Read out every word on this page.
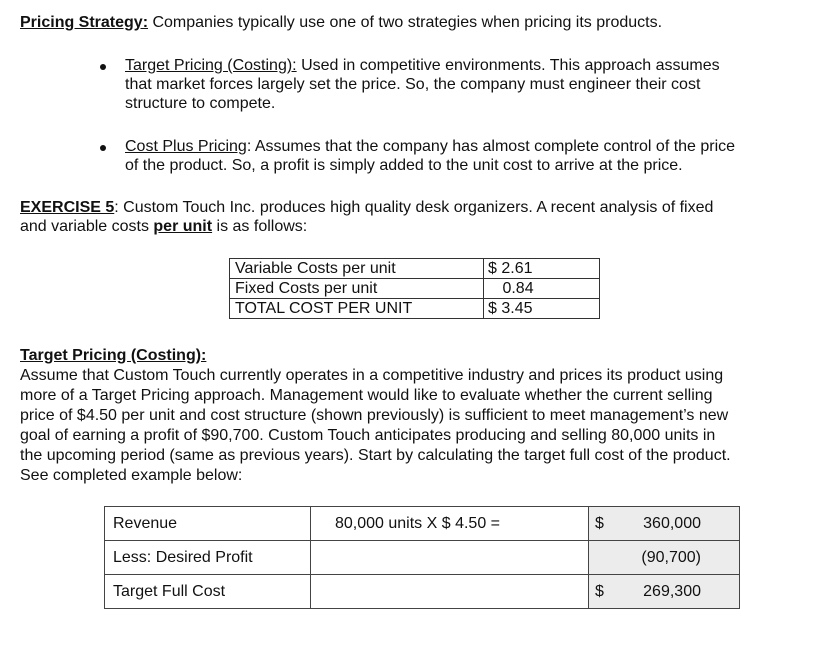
Pricing Strategy: Companies typically use one of two strategies when pricing its products.
Target Pricing (Costing): Used in competitive environments. This approach assumes
that market forces largely set the price. So, the company must engineer their cost
structure to compete.
Cost Plus Pricing: Assumes that the company has almost complete control of the price
of the product. So, a profit is simply added to the unit cost to arrive at the price.
EXERCISE 5: Custom Touch Inc. produces high quality desk organizers. A recent analysis of fixed
and variable costs per unit is as follows:
Variable Costs per unit	$ 2.61
Fixed Costs per unit	0.84
TOTAL COST PER UNIT	$ 3.45
Target Pricing (Costing):
Assume that Custom Touch currently operates in a competitive industry and prices its product using
more of a Target Pricing approach. Management would like to evaluate whether the current selling
price of $4.50 per unit and cost structure (shown previously) is sufficient to meet management’s new
goal of earning a profit of $90,700. Custom Touch anticipates producing and selling 80,000 units in
the upcoming period (same as previous years). Start by calculating the target full cost of the product.
See completed example below:
Revenue	80,000 units X $ 4.50 =	$ 360,000
Less: Desired Profit		(90,700)
Target Full Cost		$ 269,300
